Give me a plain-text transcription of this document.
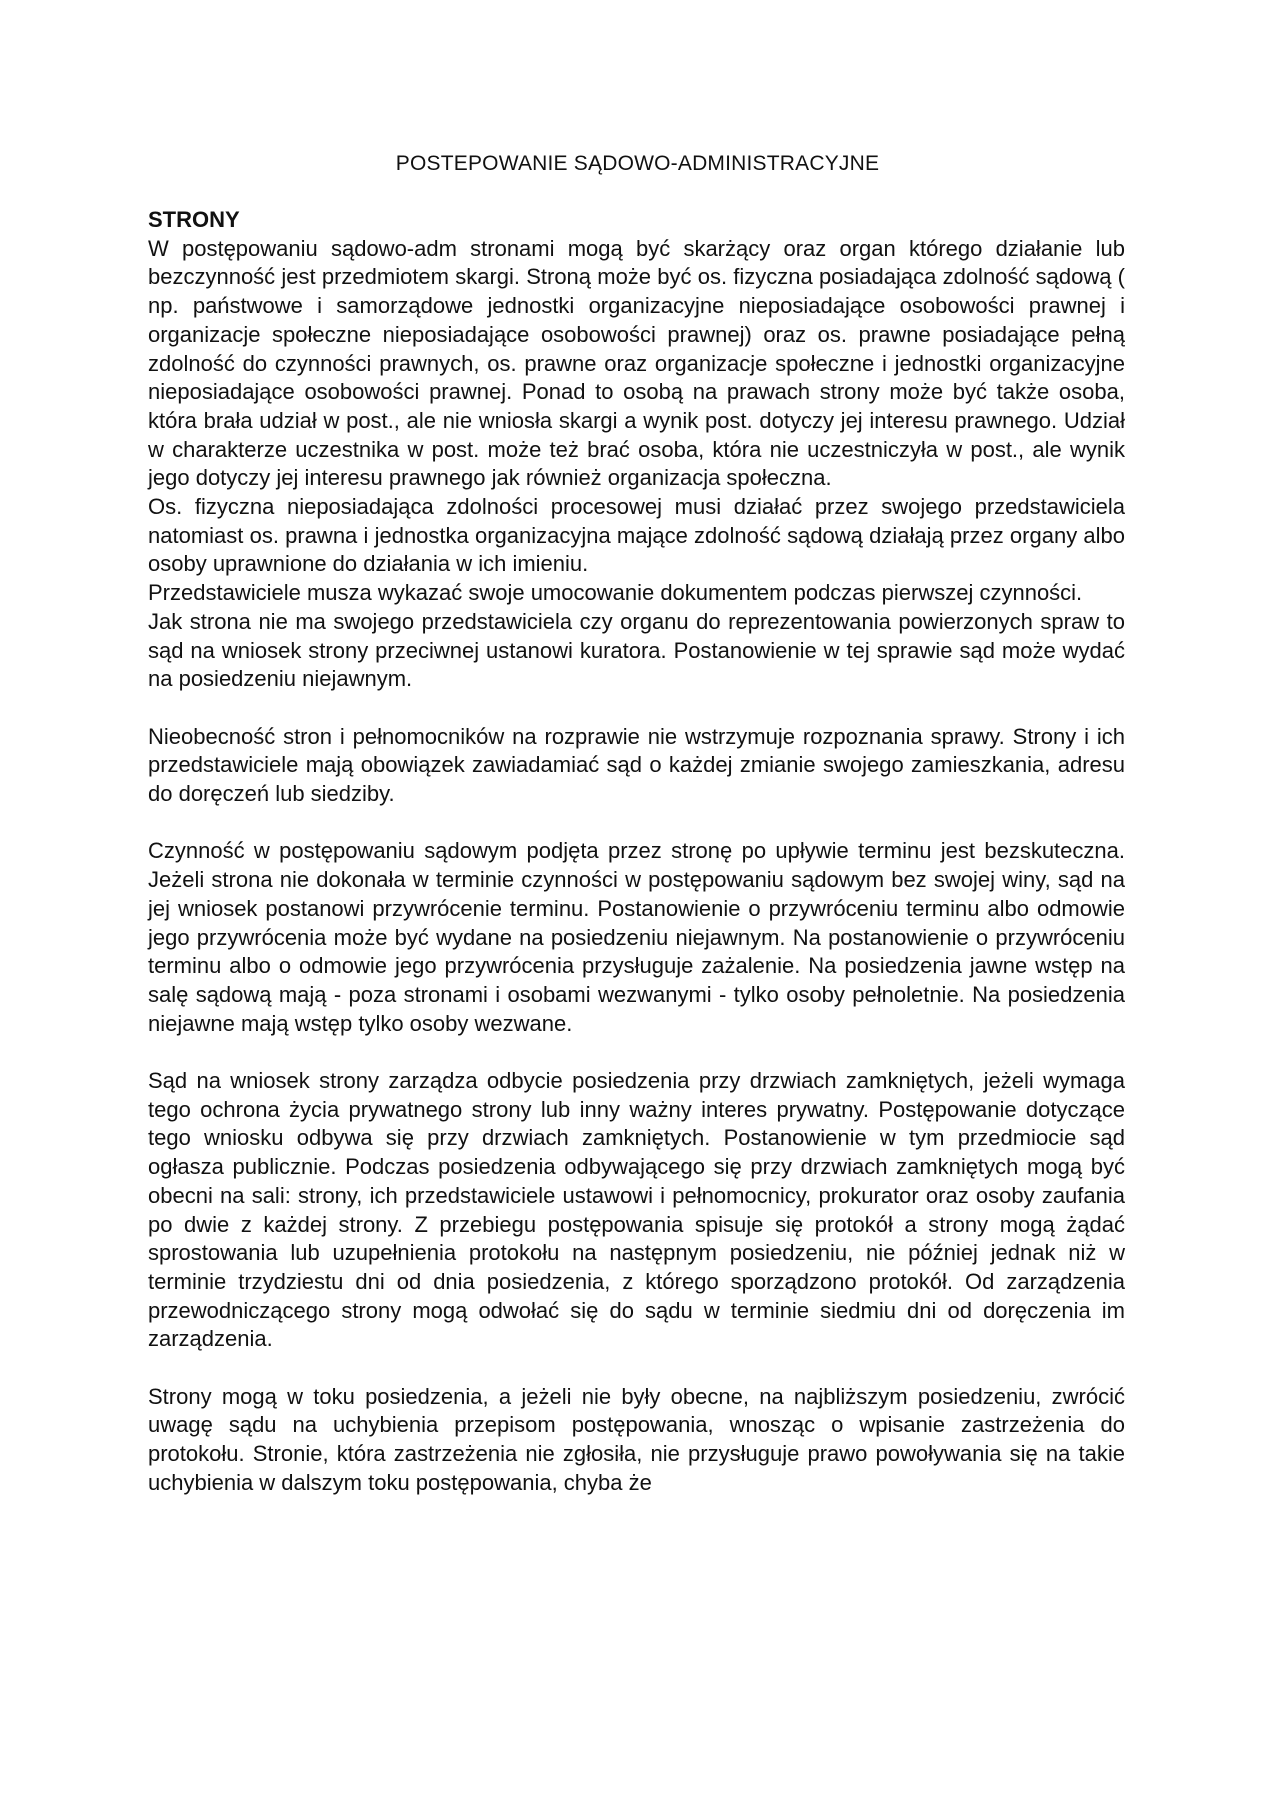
POSTEPOWANIE SĄDOWO-ADMINISTRACYJNE

STRONY

W postępowaniu sądowo-adm stronami mogą być skarżący oraz organ którego działanie lub bezczynność jest przedmiotem skargi. Stroną może być os. fizyczna posiadająca zdolność sądową ( np. państwowe i samorządowe jednostki organizacyjne nieposiadające osobowości prawnej i organizacje społeczne nieposiadające osobowości prawnej) oraz os. prawne posiadające pełną zdolność do czynności prawnych, os. prawne oraz organizacje społeczne i jednostki organizacyjne nieposiadające osobowości prawnej. Ponad to osobą na prawach strony może być także osoba, która brała udział w post., ale nie wniosła skargi a wynik post. dotyczy jej interesu prawnego. Udział w charakterze uczestnika w post. może też brać osoba, która nie uczestniczyła w post., ale wynik jego dotyczy jej interesu prawnego jak również organizacja społeczna.

Os. fizyczna nieposiadająca zdolności procesowej musi działać przez swojego przedstawiciela natomiast os. prawna i jednostka organizacyjna mające zdolność sądową działają przez organy albo osoby uprawnione do działania w ich imieniu.

Przedstawiciele musza wykazać swoje umocowanie dokumentem podczas pierwszej czynności.

Jak strona nie ma swojego przedstawiciela czy organu do reprezentowania powierzonych spraw to sąd na wniosek strony przeciwnej ustanowi kuratora. Postanowienie w tej sprawie sąd może wydać na posiedzeniu niejawnym.

Nieobecność stron i pełnomocników na rozprawie nie wstrzymuje rozpoznania sprawy. Strony i ich przedstawiciele mają obowiązek zawiadamiać sąd o każdej zmianie swojego zamieszkania, adresu do doręczeń lub siedziby.

Czynność w postępowaniu sądowym podjęta przez stronę po upływie terminu jest bezskuteczna. Jeżeli strona nie dokonała w terminie czynności w postępowaniu sądowym bez swojej winy, sąd na jej wniosek postanowi przywrócenie terminu. Postanowienie o przywróceniu terminu albo odmowie jego przywrócenia może być wydane na posiedzeniu niejawnym. Na postanowienie o przywróceniu terminu albo o odmowie jego przywrócenia przysługuje zażalenie. Na posiedzenia jawne wstęp na salę sądową mają - poza stronami i osobami wezwanymi - tylko osoby pełnoletnie. Na posiedzenia niejawne mają wstęp tylko osoby wezwane.

Sąd na wniosek strony zarządza odbycie posiedzenia przy drzwiach zamkniętych, jeżeli wymaga tego ochrona życia prywatnego strony lub inny ważny interes prywatny. Postępowanie dotyczące tego wniosku odbywa się przy drzwiach zamkniętych. Postanowienie w tym przedmiocie sąd ogłasza publicznie. Podczas posiedzenia odbywającego się przy drzwiach zamkniętych mogą być obecni na sali: strony, ich przedstawiciele ustawowi i pełnomocnicy, prokurator oraz osoby zaufania po dwie z każdej strony. Z przebiegu postępowania spisuje się protokół a strony mogą żądać sprostowania lub uzupełnienia protokołu na następnym posiedzeniu, nie później jednak niż w terminie trzydziestu dni od dnia posiedzenia, z którego sporządzono protokół. Od zarządzenia przewodniczącego strony mogą odwołać się do sądu w terminie siedmiu dni od doręczenia im zarządzenia.

Strony mogą w toku posiedzenia, a jeżeli nie były obecne, na najbliższym posiedzeniu, zwrócić uwagę sądu na uchybienia przepisom postępowania, wnosząc o wpisanie zastrzeżenia do protokołu. Stronie, która zastrzeżenia nie zgłosiła, nie przysługuje prawo powoływania się na takie uchybienia w dalszym toku postępowania, chyba że
